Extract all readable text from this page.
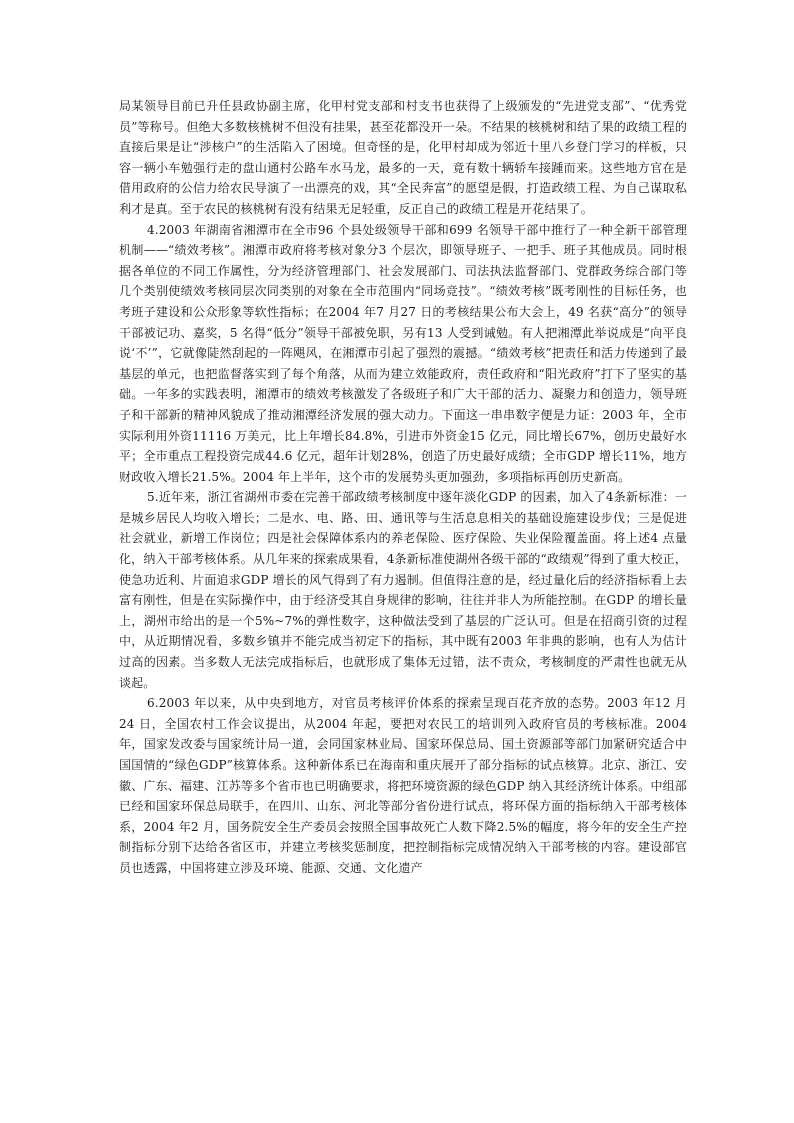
局某领导目前已升任县政协副主席，化甲村党支部和村支书也获得了上级颁发的“先进党支部”、“优秀党员”等称号。但绝大多数核桃树不但没有挂果，甚至花都没开一朵。不结果的核桃树和结了果的政绩工程的直接后果是让“涉核户”的生活陷入了困境。但奇怪的是，化甲村却成为邻近十里八乡登门学习的样板，只容一辆小车勉强行走的盘山通村公路车水马龙，最多的一天，竟有数十辆轿车接踵而来。这些地方官在是借用政府的公信力给农民导演了一出漂亮的戏，其“全民奔富”的愿望是假，打造政绩工程、为自己谋取私利才是真。至于农民的核桃树有没有结果无足轻重，反正自己的政绩工程是开花结果了。

4.2003 年湖南省湘潭市在全市96 个县处级领导干部和699 名领导干部中推行了一种全新干部管理机制——“绩效考核”。湘潭市政府将考核对象分3 个层次，即领导班子、一把手、班子其他成员。同时根据各单位的不同工作属性，分为经济管理部门、社会发展部门、司法执法监督部门、党群政务综合部门等几个类别使绩效考核同层次同类别的对象在全市范围内“同场竞技”。“绩效考核”既考刚性的目标任务，也考班子建设和公众形象等软性指标；在2004 年7 月27 日的考核结果公布大会上，49 名获“高分”的领导干部被记功、嘉奖，5 名得“低分”领导干部被免职，另有13 人受到诫勉。有人把湘潭此举说成是“向平良说‘不’”，它就像陡然刮起的一阵飓风，在湘潭市引起了强烈的震撼。“绩效考核”把责任和活力传递到了最基层的单元，也把监督落实到了每个角落，从而为建立效能政府，责任政府和“阳光政府”打下了坚实的基础。一年多的实践表明，湘潭市的绩效考核激发了各级班子和广大干部的活力、凝聚力和创造力，领导班子和干部新的精神风貌成了推动湘潭经济发展的强大动力。下面这一串串数字便是力证：2003 年，全市实际利用外资11116 万美元，比上年增长84.8%，引进市外资金15 亿元，同比增长67%，创历史最好水平；全市重点工程投资完成44.6 亿元，超年计划28%，创造了历史最好成绩；全市GDP 增长11%，地方财政收入增长21.5%。2004 年上半年，这个市的发展势头更加强劲，多项指标再创历史新高。

5.近年来，浙江省湖州市委在完善干部政绩考核制度中逐年淡化GDP 的因素，加入了4条新标准：一是城乡居民人均收入增长；二是水、电、路、田、通讯等与生活息息相关的基础设施建设步伐；三是促进社会就业，新增工作岗位；四是社会保障体系内的养老保险、医疗保险、失业保险覆盖面。将上述4 点量化，纳入干部考核体系。从几年来的探索成果看，4条新标准使湖州各级干部的“政绩观”得到了重大校正，使急功近利、片面追求GDP 增长的风气得到了有力遏制。但值得注意的是，经过量化后的经济指标看上去富有刚性，但是在实际操作中，由于经济受其自身规律的影响，往往并非人为所能控制。在GDP 的增长量上，湖州市给出的是一个5%~7%的弹性数字，这种做法受到了基层的广泛认可。但是在招商引资的过程中，从近期情况看，多数乡镇并不能完成当初定下的指标，其中既有2003 年非典的影响，也有人为估计过高的因素。当多数人无法完成指标后，也就形成了集体无过错，法不责众，考核制度的严肃性也就无从谈起。

6.2003 年以来，从中央到地方，对官员考核评价体系的探索呈现百花齐放的态势。2003 年12 月24 日，全国农村工作会议提出，从2004 年起，要把对农民工的培训列入政府官员的考核标准。2004 年，国家发改委与国家统计局一道，会同国家林业局、国家环保总局、国土资源部等部门加紧研究适合中国国情的“绿色GDP”核算体系。这种新体系已在海南和重庆展开了部分指标的试点核算。北京、浙江、安徽、广东、福建、江苏等多个省市也已明确要求，将把环境资源的绿色GDP 纳入其经济统计体系。中组部已经和国家环保总局联手，在四川、山东、河北等部分省份进行试点，将环保方面的指标纳入干部考核体系，2004 年2 月，国务院安全生产委员会按照全国事故死亡人数下降2.5%的幅度，将今年的安全生产控制指标分别下达给各省区市，并建立考核奖惩制度，把控制指标完成情况纳入干部考核的内容。建设部官员也透露，中国将建立涉及环境、能源、交通、文化遗产
